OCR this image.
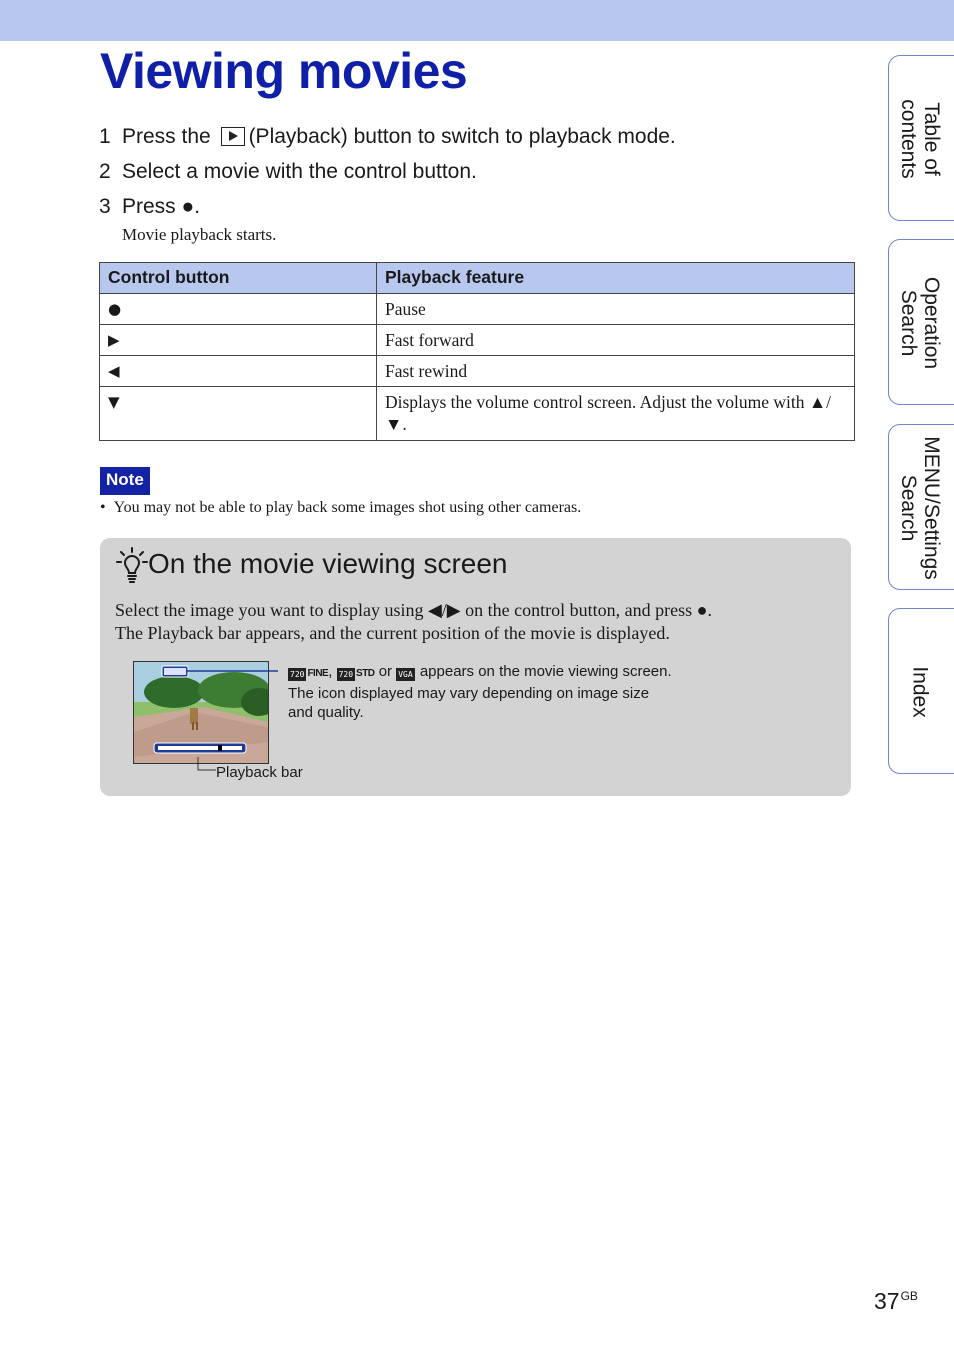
Viewing movies
1 Press the (Playback) button to switch to playback mode.
2 Select a movie with the control button.
3 Press ●.
Movie playback starts.
Control button	Playback feature
●	Pause
▶	Fast forward
◀	Fast rewind
▼	Displays the volume control screen. Adjust the volume with ▲/▼.
Note
•  You may not be able to play back some images shot using other cameras.
On the movie viewing screen
Select the image you want to display using ◀/▶ on the control button, and press ●.
The Playback bar appears, and the current position of the movie is displayed.
720 FINE, 720 STD or VGA appears on the movie viewing screen.
The icon displayed may vary depending on image size
and quality.
Playback bar
Table of
contents
Operation
Search
MENU/Settings
Search
Index
$37^{GB}$
